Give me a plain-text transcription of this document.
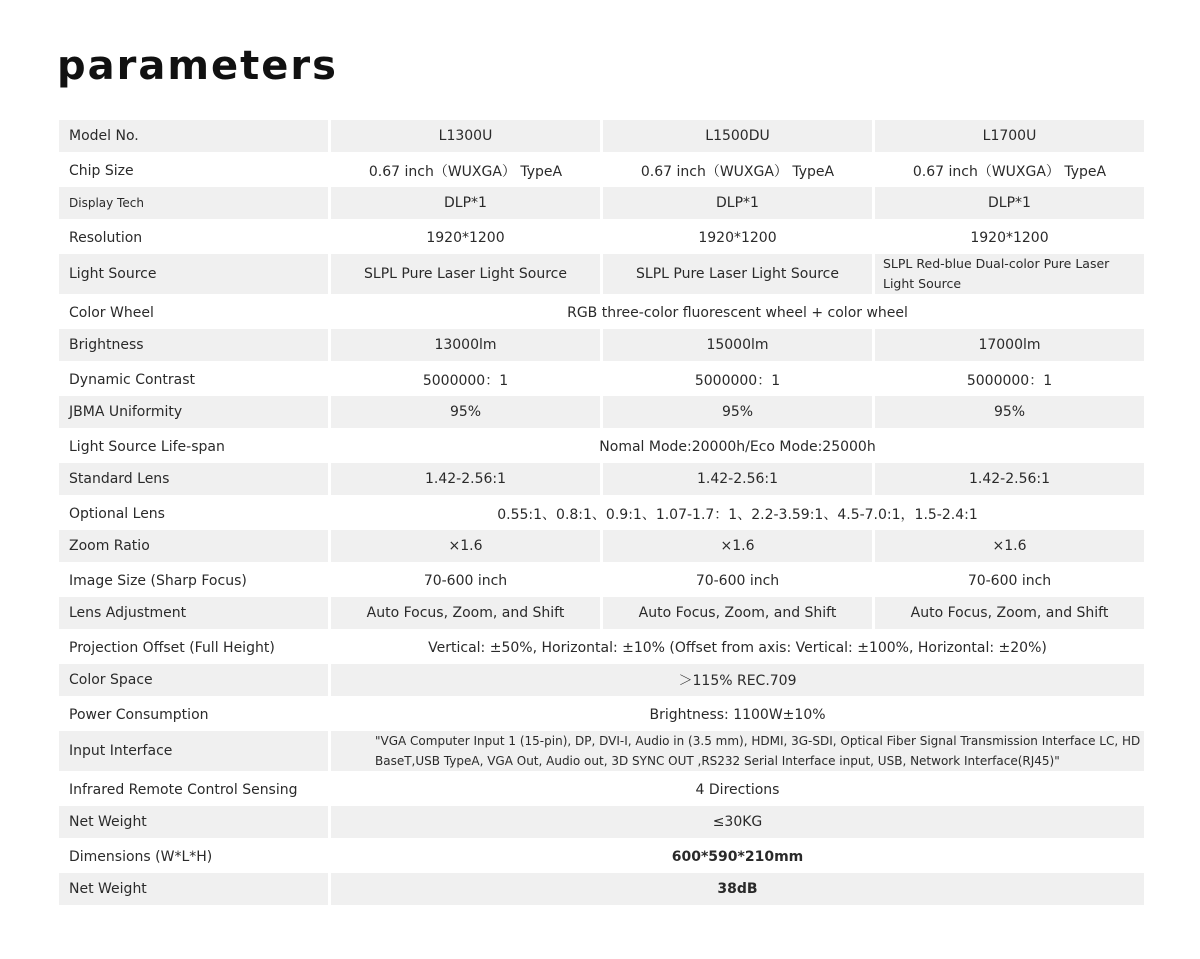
parameters
Model No.	L1300U	L1500DU	L1700U

Chip Size	0.67 inch（WUXGA） TypeA	0.67 inch（WUXGA） TypeA	0.67 inch（WUXGA） TypeA
Display Tech	DLP*1	DLP*1	DLP*1

Resolution	1920*1200	1920*1200	1920*1200
Light Source	SLPL Pure Laser Light Source	SLPL Pure Laser Light Source	SLPL Red-blue Dual-color Pure Laser Light Source

Color Wheel	RGB three-color fluorescent wheel + color wheel		
Brightness	13000lm	15000lm	17000lm

Dynamic Contrast	5000000：1	5000000：1	5000000：1
JBMA Uniformity	95%	95%	95%

Light Source Life-span	Nomal Mode:20000h/Eco Mode:25000h		
Standard Lens	1.42-2.56:1	1.42-2.56:1	1.42-2.56:1

Optional Lens	0.55:1、0.8:1、0.9:1、1.07-1.7：1、2.2-3.59:1、4.5-7.0:1，1.5-2.4:1		
Zoom Ratio	×1.6	×1.6	×1.6

Image Size (Sharp Focus)	70-600 inch	70-600 inch	70-600 inch
Lens Adjustment	Auto Focus, Zoom, and Shift	Auto Focus, Zoom, and Shift	Auto Focus, Zoom, and Shift

Projection Offset (Full Height)	Vertical: ±50%, Horizontal: ±10% (Offset from axis: Vertical: ±100%, Horizontal: ±20%)		
Color Space	＞115% REC.709		

Power Consumption	Brightness: 1100W±10%		
Input Interface	"VGA Computer Input 1 (15-pin), DP, DVI-I, Audio in (3.5 mm), HDMI, 3G-SDI, Optical Fiber Signal Transmission Interface LC, HD BaseT,USB TypeA, VGA Out, Audio out, 3D SYNC OUT ,RS232 Serial Interface input, USB, Network Interface(RJ45)"		

Infrared Remote Control Sensing	4 Directions		
Net Weight	≤30KG		

Dimensions (W*L*H)	600*590*210mm		
Net Weight	38dB		
